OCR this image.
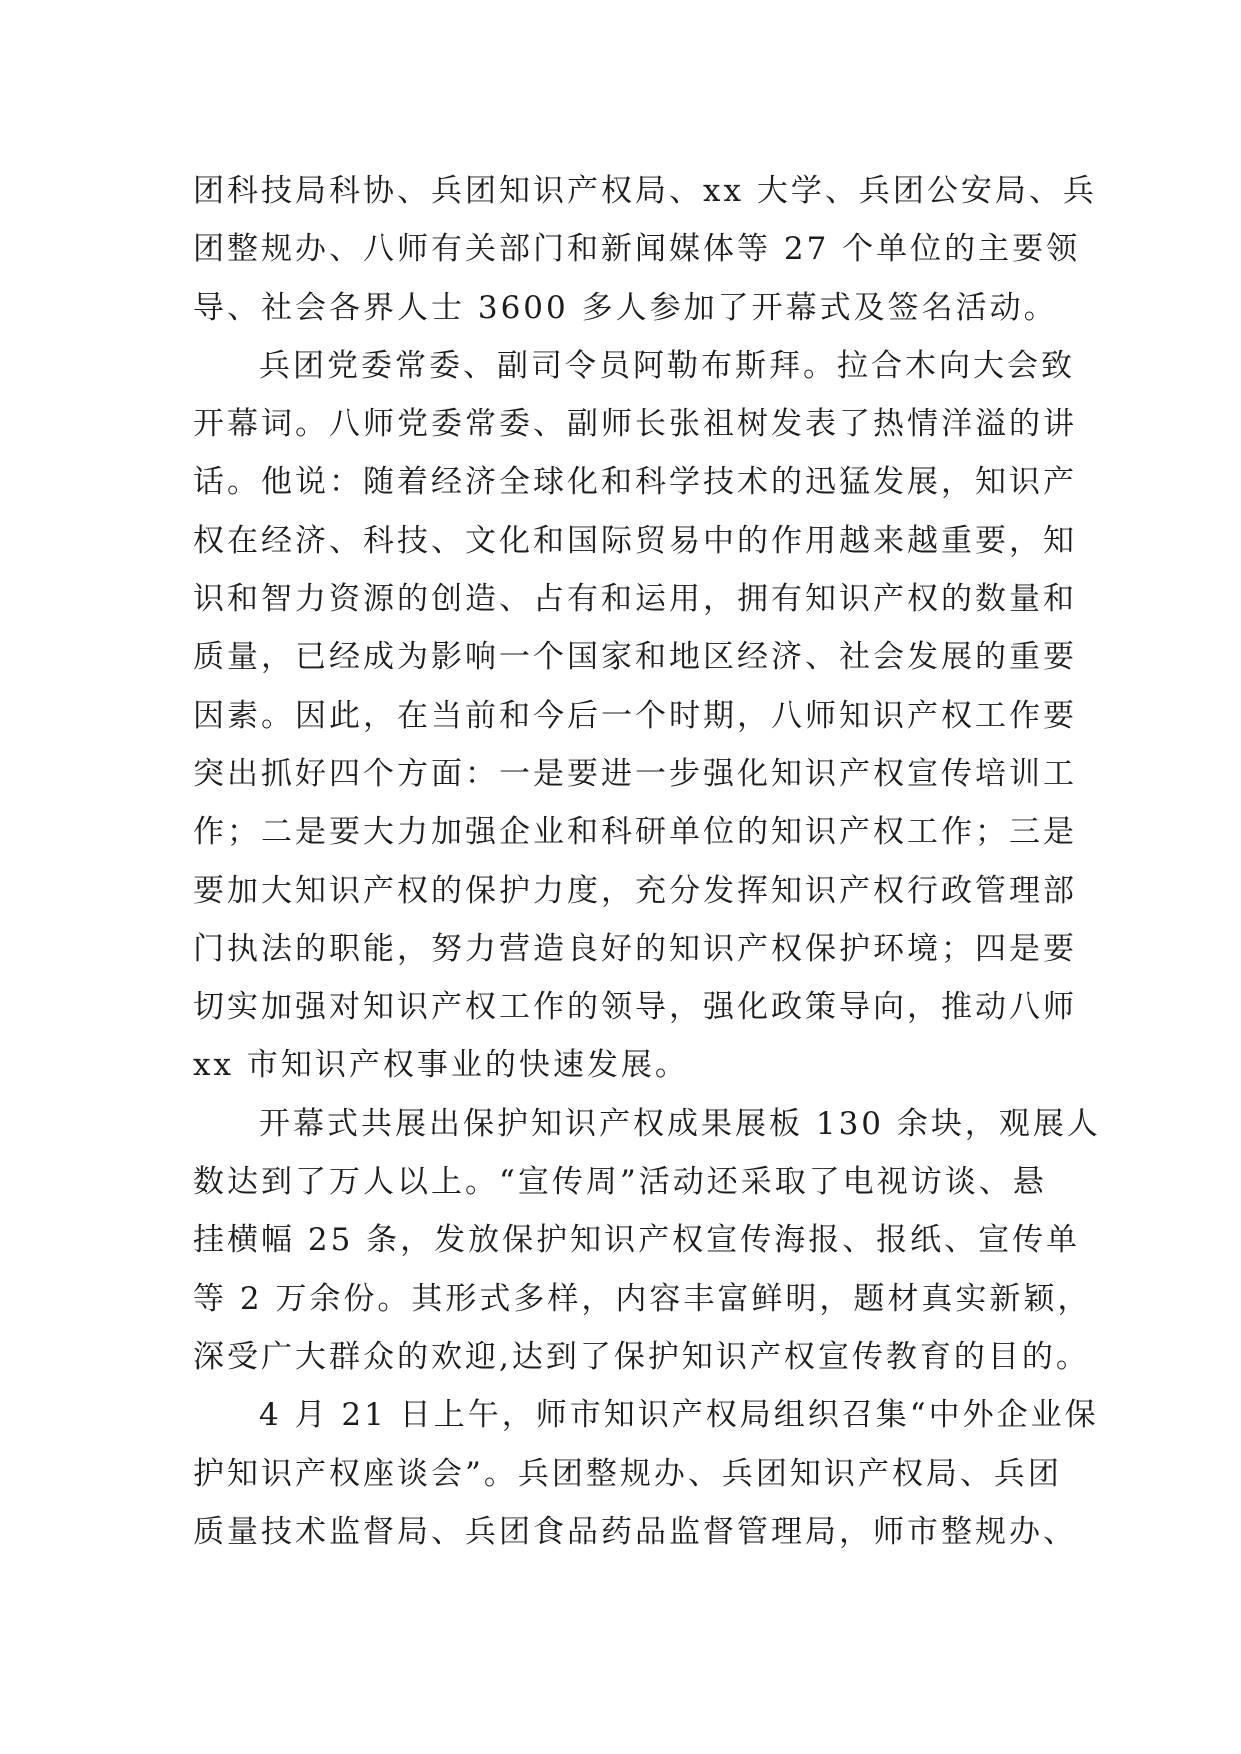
团科技局科协、兵团知识产权局、xx 大学、兵团公安局、兵
团整规办、八师有关部门和新闻媒体等 27 个单位的主要领
导、社会各界人士 3600 多人参加了开幕式及签名活动。
兵团党委常委、副司令员阿勒布斯拜。拉合木向大会致
开幕词。八师党委常委、副师长张祖树发表了热情洋溢的讲
话。他说：随着经济全球化和科学技术的迅猛发展，知识产
权在经济、科技、文化和国际贸易中的作用越来越重要，知
识和智力资源的创造、占有和运用，拥有知识产权的数量和
质量，已经成为影响一个国家和地区经济、社会发展的重要
因素。因此，在当前和今后一个时期，八师知识产权工作要
突出抓好四个方面：一是要进一步强化知识产权宣传培训工
作；二是要大力加强企业和科研单位的知识产权工作；三是
要加大知识产权的保护力度，充分发挥知识产权行政管理部
门执法的职能，努力营造良好的知识产权保护环境；四是要
切实加强对知识产权工作的领导，强化政策导向，推动八师
xx 市知识产权事业的快速发展。
开幕式共展出保护知识产权成果展板 130 余块，观展人
数达到了万人以上。“宣传周”活动还采取了电视访谈、悬
挂横幅 25 条，发放保护知识产权宣传海报、报纸、宣传单
等 2 万余份。其形式多样，内容丰富鲜明，题材真实新颖，
深受广大群众的欢迎,达到了保护知识产权宣传教育的目的。
4 月 21 日上午，师市知识产权局组织召集“中外企业保
护知识产权座谈会”。兵团整规办、兵团知识产权局、兵团
质量技术监督局、兵团食品药品监督管理局，师市整规办、
